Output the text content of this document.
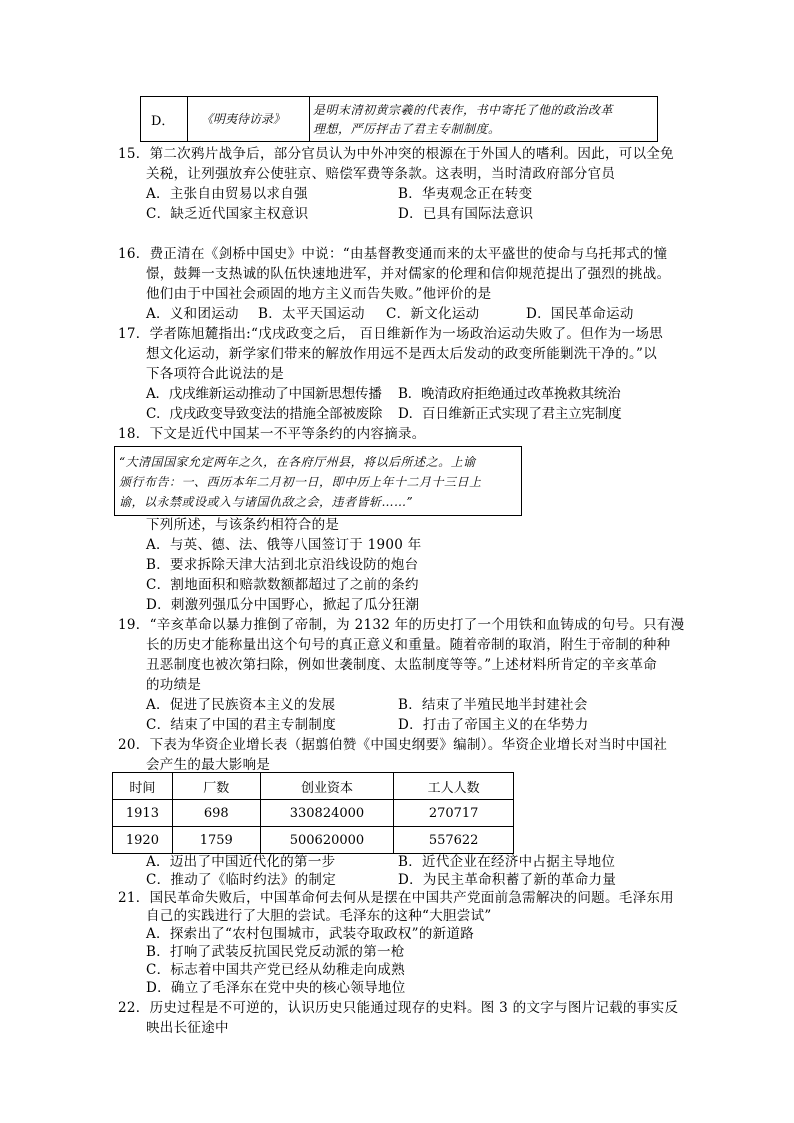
D． 《明夷待访录》
是明末清初黄宗羲的代表作，书中寄托了他的政治改革
理想，严厉抨击了君主专制制度。
15．第二次鸦片战争后，部分官员认为中外冲突的根源在于外国人的嗜利。因此，可以全免
关税，让列强放弃公使驻京、赔偿军费等条款。这表明，当时清政府部分官员
A．主张自由贸易以求自强	B．华夷观念正在转变
C．缺乏近代国家主权意识	D．已具有国际法意识
16．费正清在《剑桥中国史》中说：“由基督教变通而来的太平盛世的使命与乌托邦式的憧
憬，鼓舞一支热诚的队伍快速地进军，并对儒家的伦理和信仰规范提出了强烈的挑战。
他们由于中国社会顽固的地方主义而告失败。”他评价的是
A．义和团运动 B．太平天国运动 C．新文化运动	D．国民革命运动
17．学者陈旭麓指出:“戊戌政变之后， 百日维新作为一场政治运动失败了。但作为一场思
想文化运动，新学家们带来的解放作用远不是西太后发动的政变所能剿洗干净的。”以
下各项符合此说法的是
A．戊戌维新运动推动了中国新思想传播 B．晚清政府拒绝通过改革挽救其统治
C．戊戌政变导致变法的措施全部被废除 D．百日维新正式实现了君主立宪制度
18．下文是近代中国某一不平等条约的内容摘录。
“大清国国家允定两年之久，在各府厅州县，将以后所述之。上谕
颁行布告：一、西历本年二月初一日，即中历上年十二月十三日上
谕，以永禁或设或入与诸国仇敌之会，违者皆斩……”
下列所述，与该条约相符合的是
A．与英、德、法、俄等八国签订于 1900 年
B．要求拆除天津大沽到北京沿线设防的炮台
C．割地面积和赔款数额都超过了之前的条约
D．刺激列强瓜分中国野心，掀起了瓜分狂潮
19．“辛亥革命以暴力推倒了帝制，为 2132 年的历史打了一个用铁和血铸成的句号。只有漫
长的历史才能称量出这个句号的真正意义和重量。随着帝制的取消，附生于帝制的种种
丑恶制度也被次第扫除，例如世袭制度、太监制度等等。”上述材料所肯定的辛亥革命
的功绩是
A．促进了民族资本主义的发展	B．结束了半殖民地半封建社会
C．结束了中国的君主专制制度	D．打击了帝国主义的在华势力
20．下表为华资企业增长表（据翦伯赞《中国史纲要》编制）。华资企业增长对当时中国社
会产生的最大影响是
时间	厂数	创业资本	工人人数
1913	698	330824000	270717
1920	1759	500620000	557622
A．迈出了中国近代化的第一步	B．近代企业在经济中占据主导地位
C．推动了《临时约法》的制定	D．为民主革命积蓄了新的革命力量
21．国民革命失败后，中国革命何去何从是摆在中国共产党面前急需解决的问题。毛泽东用
自己的实践进行了大胆的尝试。毛泽东的这种“大胆尝试”
A．探索出了“农村包围城市，武装夺取政权”的新道路
B．打响了武装反抗国民党反动派的第一枪
C．标志着中国共产党已经从幼稚走向成熟
D．确立了毛泽东在党中央的核心领导地位
22．历史过程是不可逆的，认识历史只能通过现存的史料。图 3 的文字与图片记载的事实反
映出长征途中
